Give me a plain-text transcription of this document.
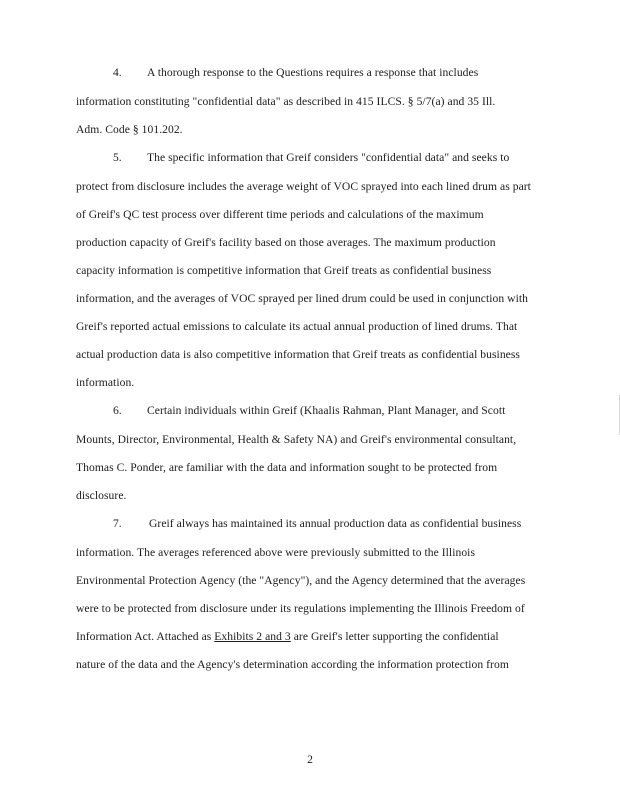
4. A thorough response to the Questions requires a response that includes
information constituting "confidential data" as described in 415 ILCS. § 5/7(a) and 35 Ill.
Adm. Code § 101.202.
5. The specific information that Greif considers "confidential data" and seeks to
protect from disclosure includes the average weight of VOC sprayed into each lined drum as part
of Greif's QC test process over different time periods and calculations of the maximum
production capacity of Greif's facility based on those averages. The maximum production
capacity information is competitive information that Greif treats as confidential business
information, and the averages of VOC sprayed per lined drum could be used in conjunction with
Greif's reported actual emissions to calculate its actual annual production of lined drums. That
actual production data is also competitive information that Greif treats as confidential business
information.
6. Certain individuals within Greif (Khaalis Rahman, Plant Manager, and Scott
Mounts, Director, Environmental, Health & Safety NA) and Greif's environmental consultant,
Thomas C. Ponder, are familiar with the data and information sought to be protected from
disclosure.
7. Greif always has maintained its annual production data as confidential business
information. The averages referenced above were previously submitted to the Illinois
Environmental Protection Agency (the "Agency"), and the Agency determined that the averages
were to be protected from disclosure under its regulations implementing the Illinois Freedom of
Information Act. Attached as Exhibits 2 and 3 are Greif's letter supporting the confidential
nature of the data and the Agency's determination according the information protection from
2
